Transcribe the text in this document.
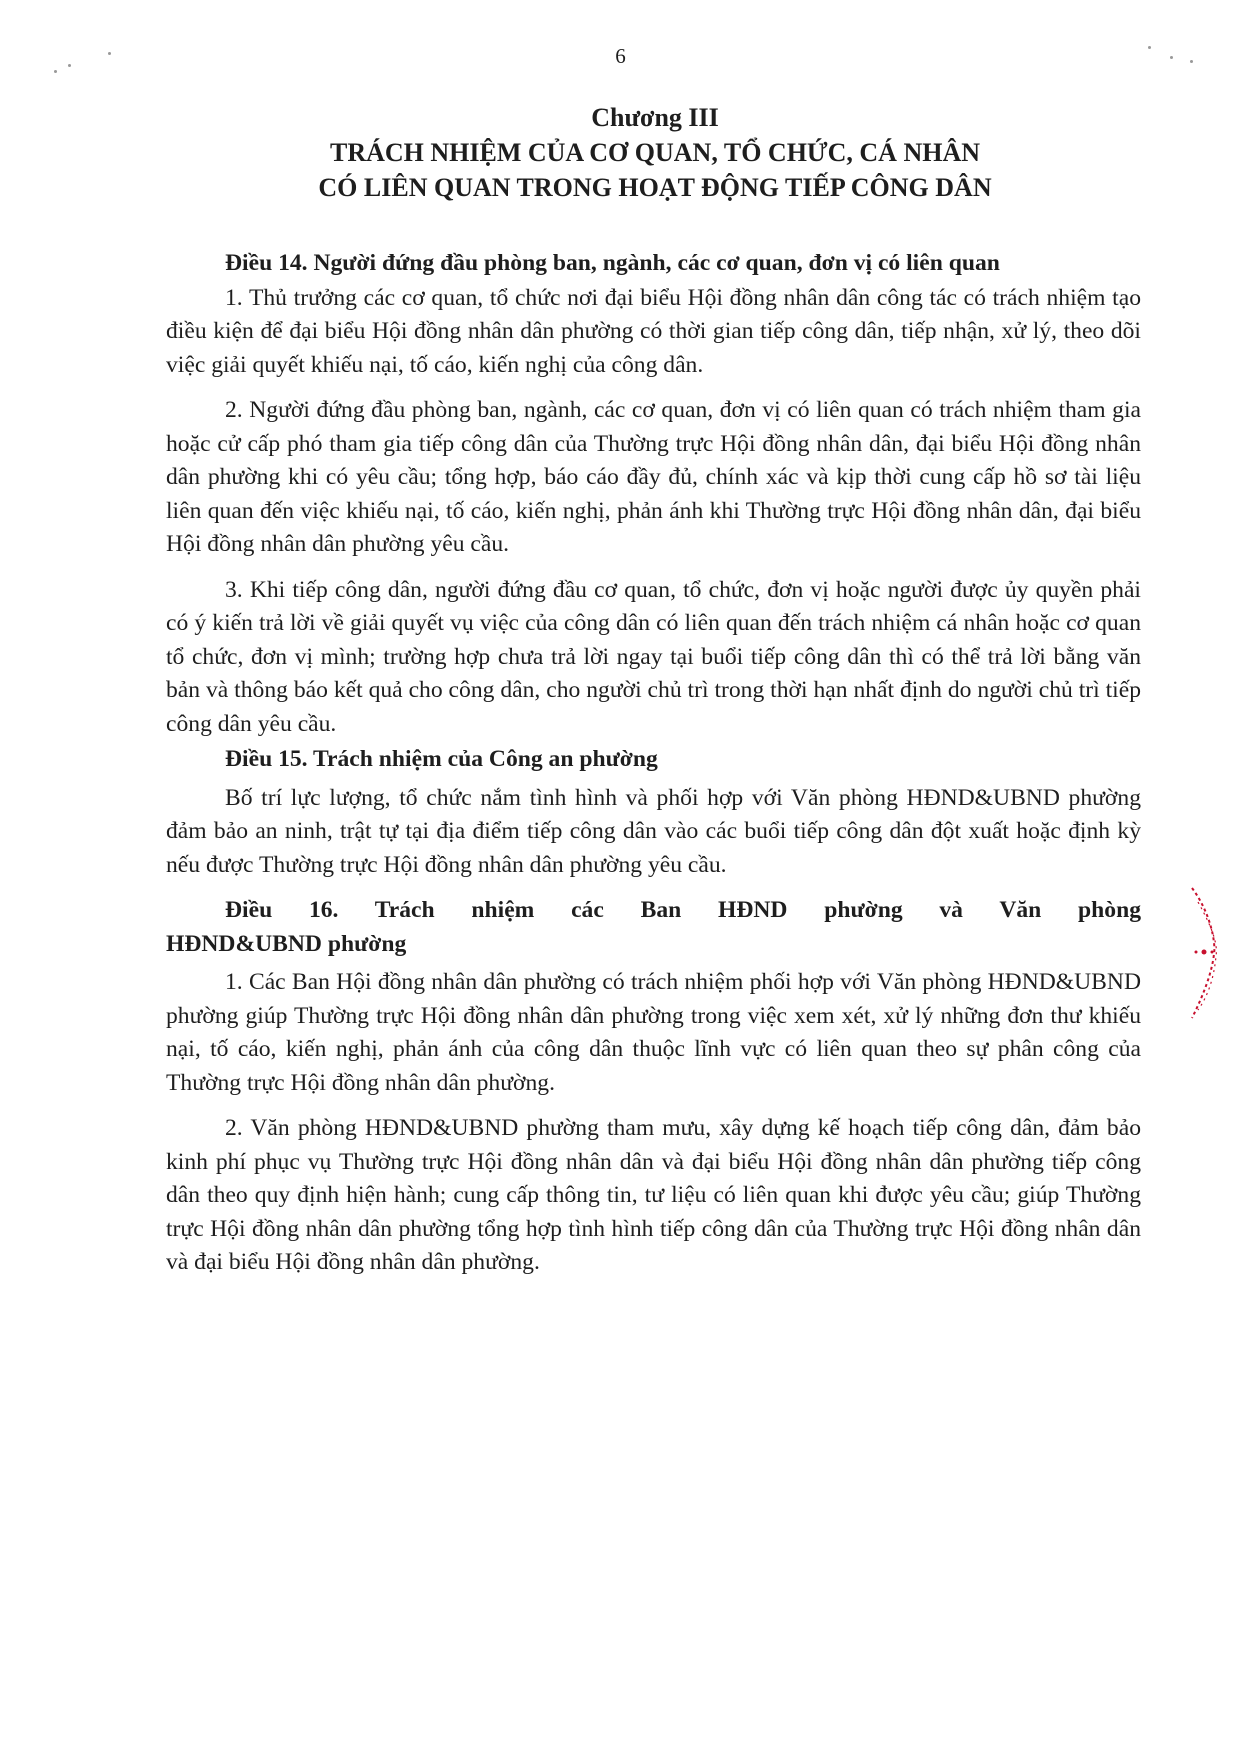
6
Chương III
TRÁCH NHIỆM CỦA CƠ QUAN, TỔ CHỨC, CÁ NHÂN
CÓ LIÊN QUAN TRONG HOẠT ĐỘNG TIẾP CÔNG DÂN

Điều 14. Người đứng đầu phòng ban, ngành, các cơ quan, đơn vị có liên quan

1. Thủ trưởng các cơ quan, tổ chức nơi đại biểu Hội đồng nhân dân công tác có trách nhiệm tạo điều kiện để đại biểu Hội đồng nhân dân phường có thời gian tiếp công dân, tiếp nhận, xử lý, theo dõi việc giải quyết khiếu nại, tố cáo, kiến nghị của công dân.

2. Người đứng đầu phòng ban, ngành, các cơ quan, đơn vị có liên quan có trách nhiệm tham gia hoặc cử cấp phó tham gia tiếp công dân của Thường trực Hội đồng nhân dân, đại biểu Hội đồng nhân dân phường khi có yêu cầu; tổng hợp, báo cáo đầy đủ, chính xác và kịp thời cung cấp hồ sơ tài liệu liên quan đến việc khiếu nại, tố cáo, kiến nghị, phản ánh khi Thường trực Hội đồng nhân dân, đại biểu Hội đồng nhân dân phường yêu cầu.

3. Khi tiếp công dân, người đứng đầu cơ quan, tổ chức, đơn vị hoặc người được ủy quyền phải có ý kiến trả lời về giải quyết vụ việc của công dân có liên quan đến trách nhiệm cá nhân hoặc cơ quan tổ chức, đơn vị mình; trường hợp chưa trả lời ngay tại buổi tiếp công dân thì có thể trả lời bằng văn bản và thông báo kết quả cho công dân, cho người chủ trì trong thời hạn nhất định do người chủ trì tiếp công dân yêu cầu.

Điều 15. Trách nhiệm của Công an phường

Bố trí lực lượng, tổ chức nắm tình hình và phối hợp với Văn phòng HĐND&UBND phường đảm bảo an ninh, trật tự tại địa điểm tiếp công dân vào các buổi tiếp công dân đột xuất hoặc định kỳ nếu được Thường trực Hội đồng nhân dân phường yêu cầu.

Điều 16. Trách nhiệm các Ban HĐND phường và Văn phòng
HĐND&UBND phường

1. Các Ban Hội đồng nhân dân phường có trách nhiệm phối hợp với Văn phòng HĐND&UBND phường giúp Thường trực Hội đồng nhân dân phường trong việc xem xét, xử lý những đơn thư khiếu nại, tố cáo, kiến nghị, phản ánh của công dân thuộc lĩnh vực có liên quan theo sự phân công của Thường trực Hội đồng nhân dân phường.

2. Văn phòng HĐND&UBND phường tham mưu, xây dựng kế hoạch tiếp công dân, đảm bảo kinh phí phục vụ Thường trực Hội đồng nhân dân và đại biểu Hội đồng nhân dân phường tiếp công dân theo quy định hiện hành; cung cấp thông tin, tư liệu có liên quan khi được yêu cầu; giúp Thường trực Hội đồng nhân dân phường tổng hợp tình hình tiếp công dân của Thường trực Hội đồng nhân dân và đại biểu Hội đồng nhân dân phường.
